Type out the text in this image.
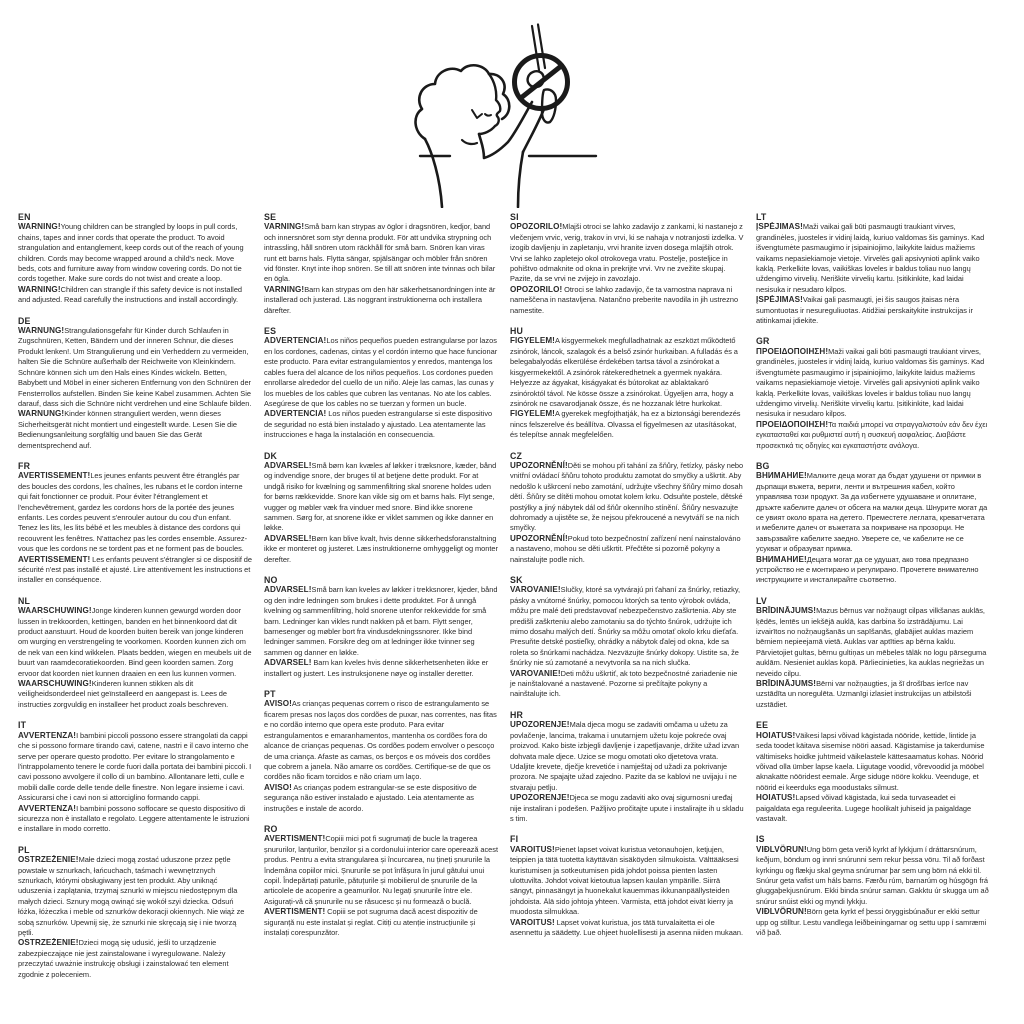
EN
WARNING!Young children can be strangled by loops in pull cords, chains, tapes and inner cords that operate the product. To avoid strangulation and entanglement, keep cords out of the reach of young children. Cords may become wrapped around a child's neck. Move beds, cots and furniture away from window covering cords. Do not tie cords together. Make sure cords do not twist and create a loop.
WARNING!Children can strangle if this safety device is not installed and adjusted. Read carefully the instructions and install accordingly.
DE
WARNUNG!Strangulationsgefahr für Kinder durch Schlaufen in Zugschnüren, Ketten, Bändern und der inneren Schnur, die dieses Produkt lenken!. Um Strangulierung und ein Verheddern zu vermeiden, halten Sie die Schnüre außerhalb der Reichweite von Kleinkindern. Schnüre können sich um den Hals eines Kindes wickeln. Betten, Babybett und Möbel in einer sicheren Entfernung von den Schnüren der Fensterrollos aufstellen. Binden Sie keine Kabel zusammen. Achten Sie darauf, dass sich die Schnüre nicht verdrehen und eine Schlaufe bilden.
WARNUNG!Kinder können stranguliert werden, wenn dieses Sicherheitsgerät nicht montiert und eingestellt wurde. Lesen Sie die Bedienungsanleitung sorgfältig und bauen Sie das Gerät dementsprechend auf.
FR
AVERTISSEMENT!Les jeunes enfants peuvent être étranglés par des boucles des cordons, les chaînes, les rubans et le cordon interne qui fait fonctionner ce produit. Pour éviter l'étranglement et l'enchevêtrement, gardez les cordons hors de la portée des jeunes enfants. Les cordes peuvent s'enrouler autour du cou d'un enfant. Tenez les lits, les lits bébé et les meubles à distance des cordons qui recouvrent les fenêtres. N'attachez pas les cordes ensemble. Assurez-vous que les cordons ne se tordent pas et ne forment pas de boucles.
AVERTISSEMENT! Les enfants peuvent s'étrangler si ce dispositif de sécurité n'est pas installé et ajusté. Lire attentivement les instructions et installer en conséquence.
NL
WAARSCHUWING!Jonge kinderen kunnen gewurgd worden door lussen in trekkoorden, kettingen, banden en het binnenkoord dat dit product aanstuurt. Houd de koorden buiten bereik van jonge kinderen om wurging en verstrengeling te voorkomen. Koorden kunnen zich om de nek van een kind wikkelen. Plaats bedden, wiegen en meubels uit de buurt van raamdecoratiekoorden. Bind geen koorden samen. Zorg ervoor dat koorden niet kunnen draaien en een lus kunnen vormen.
WAARSCHUWING!Kinderen kunnen stikken als dit veiligheidsonderdeel niet geïnstalleerd en aangepast is. Lees de instructies zorgvuldig en installeer het product zoals beschreven.
IT
AVVERTENZA!I bambini piccoli possono essere strangolati da cappi che si possono formare tirando cavi, catene, nastri e il cavo interno che serve per operare questo prodotto. Per evitare lo strangolamento e l'intrappolamento tenere le corde fuori dalla portata dei bambini piccoli. I cavi possono avvolgere il collo di un bambino. Allontanare letti, culle e mobili dalle corde delle tende delle finestre. Non legare insieme i cavi. Assicurarsi che i cavi non si attorciglino formando cappi.
AVVERTENZA!I bambini possono soffocare se questo dispositivo di sicurezza non è installato e regolato. Leggere attentamente le istruzioni e installare in modo corretto.
PL
OSTRZEŻENIE!Małe dzieci mogą zostać uduszone przez pętle powstałe w sznurkach, łańcuchach, taśmach i wewnętrznych sznurkach, którymi obsługiwany jest ten produkt. Aby uniknąć uduszenia i zaplątania, trzymaj sznurki w miejscu niedostępnym dla małych dzieci. Sznury mogą owinąć się wokół szyi dziecka. Odsuń łóżka, łóżeczka i meble od sznurków dekoracji okiennych. Nie wiąż ze sobą sznurków. Upewnij się, że sznurki nie skręcają się i nie tworzą pętli.
OSTRZEŻENIE!Dzieci mogą się udusić, jeśli to urządzenie zabezpieczające nie jest zainstalowane i wyregulowane. Należy przeczytać uważnie instrukcję obsługi i zainstalować ten element zgodnie z poleceniem.
SE
VARNING!Små barn kan strypas av öglor i dragsnören, kedjor, band och innersnöret som styr denna produkt. För att undvika strypning och intrassling, håll snören utom räckhåll för små barn. Snören kan viras runt ett barns hals. Flytta sängar, spjälsängar och möbler från snören vid fönster. Knyt inte ihop snören. Se till att snören inte tvinnas och bilar en ögla.
VARNING!Barn kan strypas om den här säkerhetsanordningen inte är installerad och justerad. Läs noggrant instruktionerna och installera därefter.
ES
ADVERTENCIA!Los niños pequeños pueden estrangularse por lazos en los cordones, cadenas, cintas y el cordón interno que hace funcionar este producto. Para evitar estrangulamientos y enredos, mantenga los cables fuera del alcance de los niños pequeños. Los cordones pueden enrollarse alrededor del cuello de un niño. Aleje las camas, las cunas y los muebles de los cables que cubren las ventanas. No ate los cables. Asegúrese de que los cables no se tuerzan y formen un bucle.
ADVERTENCIA! Los niños pueden estrangularse si este dispositivo de seguridad no está bien instalado y ajustado. Lea atentamente las instrucciones e haga la instalación en consecuencia.
DK
ADVARSEL!Små børn kan kvæles af løkker i træksnore, kæder, bånd og indvendige snore, der bruges til at betjene dette produkt. For at undgå risiko for kvælning og sammenfiltring skal snorene holdes uden for børns rækkevidde. Snore kan vikle sig om et barns hals. Flyt senge, vugger og møbler væk fra vinduer med snore. Bind ikke snorene sammen. Sørg for, at snorene ikke er viklet sammen og ikke danner en løkke.
ADVARSEL!Børn kan blive kvalt, hvis denne sikkerhedsforanstaltning ikke er monteret og justeret. Læs instruktionerne omhyggeligt og monter derefter.
NO
ADVARSEL!Små barn kan kveles av løkker i trekksnorer, kjeder, bånd og den indre ledningen som brukes i dette produktet. For å unngå kvelning og sammenfiltring, hold snorene utenfor rekkevidde for små barn. Ledninger kan vikles rundt nakken på et barn. Flytt senger, barnesenger og møbler bort fra vindusdekningssnorer. Ikke bind ledninger sammen. Forsikre deg om at ledninger ikke tvinner seg sammen og danner en løkke.
ADVARSEL! Barn kan kveles hvis denne sikkerhetsenheten ikke er installert og justert. Les instruksjonene nøye og installer deretter.
PT
AVISO!As crianças pequenas correm o risco de estrangulamento se ficarem presas nos laços dos cordões de puxar, nas correntes, nas fitas e no cordão interno que opera este produto. Para evitar estrangulamentos e emaranhamentos, mantenha os cordões fora do alcance de crianças pequenas. Os cordões podem envolver o pescoço de uma criança. Afaste as camas, os berços e os móveis dos cordões que cobrem a janela. Não amarre os cordões. Certifique-se de que os cordões não ficam torcidos e não criam um laço.
AVISO! As crianças podem estrangular-se se este dispositivo de segurança não estiver instalado e ajustado. Leia atentamente as instruções e instale de acordo.
RO
AVERTISMENT!Copiii mici pot fi sugrumați de bucle la tragerea șnururilor, lanțurilor, benzilor și a cordonului interior care operează acest produs. Pentru a evita strangularea și încurcarea, nu țineți șnururile la îndemâna copiilor mici. Șnururile se pot înfășura în jurul gâtului unui copil. Îndepărtați paturile, pătuțurile și mobilierul de șnururile de la articolele de acoperire a geamurilor. Nu legați șnururile între ele. Asigurați-vă că șnururile nu se răsucesc și nu formează o buclă.
AVERTISMENT! Copiii se pot sugruma dacă acest dispozitiv de siguranță nu este instalat și reglat. Citiți cu atenție instrucțiunile și instalați corespunzător.
SI
OPOZORILO!Mlajši otroci se lahko zadavijo z zankami, ki nastanejo z vlečenjem vrvic, verig, trakov in vrvi, ki se nahaja v notranjosti izdelka. V izogib davljenju in zapletanju, vrvi hranite izven dosega mlajših otrok. Vrvi se lahko zapletejo okol otrokovega vratu. Postelje, posteljice in pohištvo odmaknite od okna in prekrijte vrvi. Vrv ne zvežite skupaj. Pazite, da se vrvi ne zvijejo in zavozlajo.
OPOZORILO! Otroci se lahko zadavijo, če ta varnostna naprava ni nameščena in nastavljena. Natančno preberite navodila in jih ustrezno namestite.
HU
FIGYELEM!A kisgyermekek megfulladhatnak az eszközt működtető zsinórok, láncok, szalagok és a belső zsinór hurkaiban. A fulladás és a belegabalyodás elkerülése érdekében tartsa távol a zsinórokat a kisgyermekektől. A zsinórok rátekeredhetnek a gyermek nyakára. Helyezze az ágyakat, kiságyakat és bútorokat az ablaktakaró zsinóroktól távol. Ne kösse össze a zsinórokat. Ügyeljen arra, hogy a zsinórok ne csavarodjanak össze, és ne hozzanak létre hurkokat.
FIGYELEM!A gyerekek megfojthatják, ha ez a biztonsági berendezés nincs felszerelve és beállítva. Olvassa el figyelmesen az utasításokat, és telepítse annak megfelelően.
CZ
UPOZORNĚNÍ!Děti se mohou při tahání za šňůry, řetízky, pásky nebo vnitřní ovládací šňůru tohoto produktu zamotat do smyčky a uškrtit. Aby nedošlo k uškrcení nebo zamotání, udržujte všechny šňůry mimo dosah dětí. Šňůry se dítěti mohou omotat kolem krku. Odsuňte postele, dětské postýlky a jiný nábytek dál od šňůr okenního stínění. Šňůry nesvazujte dohromady a ujistěte se, že nejsou překroucené a nevytváří se na nich smyčky.
UPOZORNĚNÍ!Pokud toto bezpečnostní zařízení není nainstalováno a nastaveno, mohou se děti uškrtit. Přečtěte si pozorně pokyny a nainstalujte podle nich.
SK
VAROVANIE!Slučky, ktoré sa vytvárajú pri ťahaní za šnúrky, retiazky, pásky a vnútorné šnúrky, pomocou ktorých sa tento výrobok ovláda, môžu pre malé deti predstavovať nebezpečenstvo zaškrtenia. Aby ste predišli zaškrteniu alebo zamotaniu sa do týchto šnúrok, udržujte ich mimo dosahu malých detí. Šnúrky sa môžu omotať okolo krku dieťaťa. Presuňte detské postieľky, ohrádky a nábytok ďalej od okna, kde sa roleta so šnúrkami nachádza. Nezväzujte šnúrky dokopy. Uistite sa, že šnúrky nie sú zamotané a nevytvorila sa na nich slučka.
VAROVANIE!Deti môžu uškrtiť, ak toto bezpečnostné zariadenie nie je nainštalované a nastavené. Pozorne si prečítajte pokyny a nainštalujte ich.
HR
UPOZORENJE!Mala djeca mogu se zadaviti omčama u užetu za povlačenje, lancima, trakama i unutarnjem užetu koje pokreće ovaj proizvod. Kako biste izbjegli davljenje i zapetljavanje, držite užad izvan dohvata male djece. Uzice se mogu omotati oko djetetova vrata. Udaljite krevete, dječje krevetiće i namještaj od užadi za pokrivanje prozora. Ne spajajte užad zajedno. Pazite da se kablovi ne uvijaju i ne stvaraju petlju.
UPOZORENJE!Djeca se mogu zadaviti ako ovaj sigurnosni uređaj nije instaliran i podešen. Pažljivo pročitajte upute i instalirajte ih u skladu s tim.
FI
VAROITUS!Pienet lapset voivat kuristua vetonauhojen, ketjujen, teippien ja tätä tuotetta käyttävän sisäköyden silmukoista. Välttääksesi kuristumisen ja sotkeutumisen pidä johdot poissa pienten lasten ulottuvilta. Johdot voivat kietoutua lapsen kaulan ympärille. Siirrä sängyt, pinnasängyt ja huonekalut kauemmas ikkunanpäällysteiden johdoista. Älä sido johtoja yhteen. Varmista, että johdot eivät kierry ja muodosta silmukkaa.
VAROITUS! Lapset voivat kuristua, jos tätä turvalaitetta ei ole asennettu ja säädetty. Lue ohjeet huolellisesti ja asenna niiden mukaan.
LT
ĮSPĖJIMAS!Maži vaikai gali būti pasmaugti traukiant virves, grandinėles, juosteles ir vidinį laidą, kuriuo valdomas šis gaminys. Kad išvengtumėte pasmaugimo ir įsipainiojimo, laikykite laidus mažiems vaikams nepasiekiamoje vietoje. Virvelės gali apsivynioti aplink vaiko kaklą. Perkelkite lovas, vaikiškas loveles ir baldus toliau nuo langų uždengimo virvelių. Neriškite virvelių kartu. Įsitikinkite, kad laidai nesisuka ir nesudaro kilpos.
ĮSPĖJIMAS!Vaikai gali pasmaugti, jei šis saugos įtaisas nėra sumontuotas ir nesureguliuotas. Atidžiai perskaitykite instrukcijas ir atitinkamai įdiekite.
GR
ΠΡΟΕΙΔΟΠΟΙΗΣΗ!Maži vaikai gali būti pasmaugti traukiant virves, grandinėles, juosteles ir vidinį laidą, kuriuo valdomas šis gaminys. Kad išvengtumėte pasmaugimo ir įsipainiojimo, laikykite laidus mažiems vaikams nepasiekiamoje vietoje. Virvelės gali apsivynioti aplink vaiko kaklą. Perkelkite lovas, vaikiškas loveles ir baldus toliau nuo langų uždengimo virvelių. Neriškite virvelių kartu. Įsitikinkite, kad laidai nesisuka ir nesudaro kilpos.
ΠΡΟΕΙΔΟΠΟΙΗΣΗ!Τα παιδιά μπορεί να στραγγαλιστούν εάν δεν έχει εγκατασταθεί και ρυθμιστεί αυτή η συσκευή ασφαλείας. Διαβάστε προσεκτικά τις οδηγίες και εγκαταστήστε ανάλογα.
BG
ВНИМАНИЕ!Малките деца могат да бъдат удушени от примки в дърпащи въжета, вериги, ленти и вътрешния кабел, който управлява този продукт. За да избегнете удушаване и оплитане, дръжте кабелите далеч от обсега на малки деца. Шнурите могат да се увият около врата на детето. Преместете леглата, креватчетата и мебелите далеч от въжетата за покриване на прозорци. Не завързвайте кабелите заедно. Уверете се, че кабелите не се усукват и образуват примка.
ВНИМАНИЕ!Децата могат да се удушат, ако това предпазно устройство не е монтирано и регулирано. Прочетете внимателно инструкциите и инсталирайте съответно.
LV
BRĪDINĀJUMS!Mazus bērnus var nožņaugt cilpas vilkšanas auklās, ķēdēs, lentēs un iekšējā auklā, kas darbina šo izstrādājumu. Lai izvairītos no nožņaugšanās un sapīšanās, glabājiet auklas maziem bērniem nepieejamā vietā. Auklas var aptīties ap bērna kaklu. Pārvietojiet gultas, bērnu gultiņas un mēbeles tālāk no logu pārseguma auklām. Nesieniet auklas kopā. Pārliecinieties, ka auklas negriežas un neveido cilpu.
BRĪDINĀJUMS!Bērni var nožņaugties, ja šī drošības ierīce nav uzstādīta un noregulēta. Uzmanīgi izlasiet instrukcijas un atbilstoši uzstādiet.
EE
HOIATUS!Väikesi lapsi võivad kägistada nööride, kettide, lintide ja seda toodet käitava sisemise nööri aasad. Kägistamise ja takerdumise vältimiseks hoidke juhtmeid väikelastele kättesaamatus kohas. Nöörid võivad olla ümber lapse kaela. Liigutage voodid, võrevoodid ja mööbel aknakatte nööridest eemale. Ärge siduge nööre kokku. Veenduge, et nöörid ei keerduks ega moodustaks silmust.
HOIATUS!Lapsed võivad kägistada, kui seda turvaseadet ei paigaldata ega reguleerita. Lugege hoolikalt juhiseid ja paigaldage vastavalt.
IS
VIÐLVÖRUN!Ung börn geta verið kyrkt af lykkjum í dráttarsnúrum, keðjum, böndum og innri snúrunni sem rekur þessa vöru. Til að forðast kyrkingu og flækju skal geyma snúrurnar þar sem ung börn ná ekki til. Snúrur geta vafist um háls barns. Færðu rúm, barnarúm og húsgögn frá gluggaþekjusnúrum. Ekki binda snúrur saman. Gakktu úr skugga um að snúrur snúist ekki og myndi lykkju.
VIÐLVÖRUN!Börn geta kyrkt ef þessi öryggisbúnaður er ekki settur upp og stilltur. Lestu vandlega leiðbeiningarnar og settu upp í samræmi við það.
